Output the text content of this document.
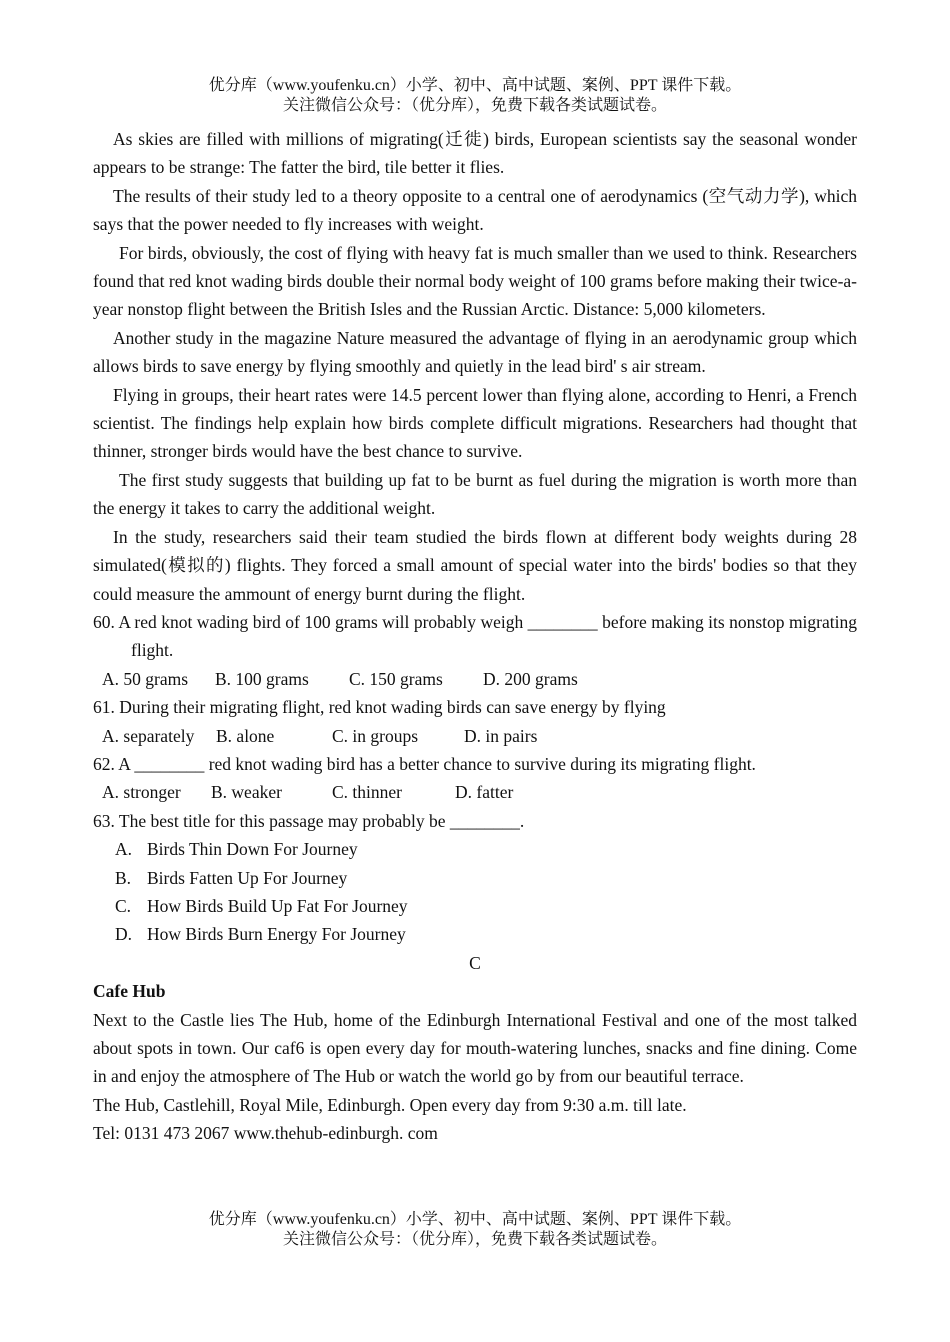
优分库（www.youfenku.cn）小学、初中、高中试题、案例、PPT 课件下载。
关注微信公众号：（优分库），免费下载各类试题试卷。

As skies are filled with millions of migrating(迁徙) birds, European scientists say the seasonal wonder appears to be strange: The fatter the bird, tile better it flies.

The results of their study led to a theory opposite to a central one of aerodynamics (空气动力学), which says that the power needed to fly increases with weight.

For birds, obviously, the cost of flying with heavy fat is much smaller than we used to think. Researchers found that red knot wading birds double their normal body weight of 100 grams before making their twice-a-year nonstop flight between the British Isles and the Russian Arctic. Distance: 5,000 kilometers.

Another study in the magazine Nature measured the advantage of flying in an aerodynamic group which allows birds to save energy by flying smoothly and quietly in the lead bird' s air stream.

Flying in groups, their heart rates were 14.5 percent lower than flying alone, according to Henri, a French scientist. The findings help explain how birds complete difficult migrations. Researchers had thought that thinner, stronger birds would have the best chance to survive.

The first study suggests that building up fat to be burnt as fuel during the migration is worth more than the energy it takes to carry the additional weight.

In the study, researchers said their team studied the birds flown at different body weights during 28 simulated(模拟的) flights. They forced a small amount of special water into the birds' bodies so that they could measure the ammount of energy burnt during the flight.

60. A red knot wading bird of 100 grams will probably weigh ________ before making its nonstop migrating flight.

A. 50 grams B. 100 grams C. 150 grams D. 200 grams

61. During their migrating flight, red knot wading birds can save energy by flying

A. separately B. alone	C. in groups	D. in pairs

62. A ________ red knot wading bird has a better chance to survive during its migrating flight.

A. stronger B. weaker	C. thinner	D. fatter

63. The best title for this passage may probably be ________.

A. Birds Thin Down For Journey
B. Birds Fatten Up For Journey
C. How Birds Build Up Fat For Journey
D. How Birds Burn Energy For Journey

C

Cafe Hub

Next to the Castle lies The Hub, home of the Edinburgh International Festival and one of the most talked about spots in town. Our caf6 is open every day for mouth-watering lunches, snacks and fine dining. Come in and enjoy the atmosphere of The Hub or watch the world go by from our beautiful terrace.

The Hub, Castlehill, Royal Mile, Edinburgh. Open every day from 9:30 a.m. till late.

Tel: 0131 473 2067 www.thehub-edinburgh. com

优分库（www.youfenku.cn）小学、初中、高中试题、案例、PPT 课件下载。
关注微信公众号：（优分库），免费下载各类试题试卷。
